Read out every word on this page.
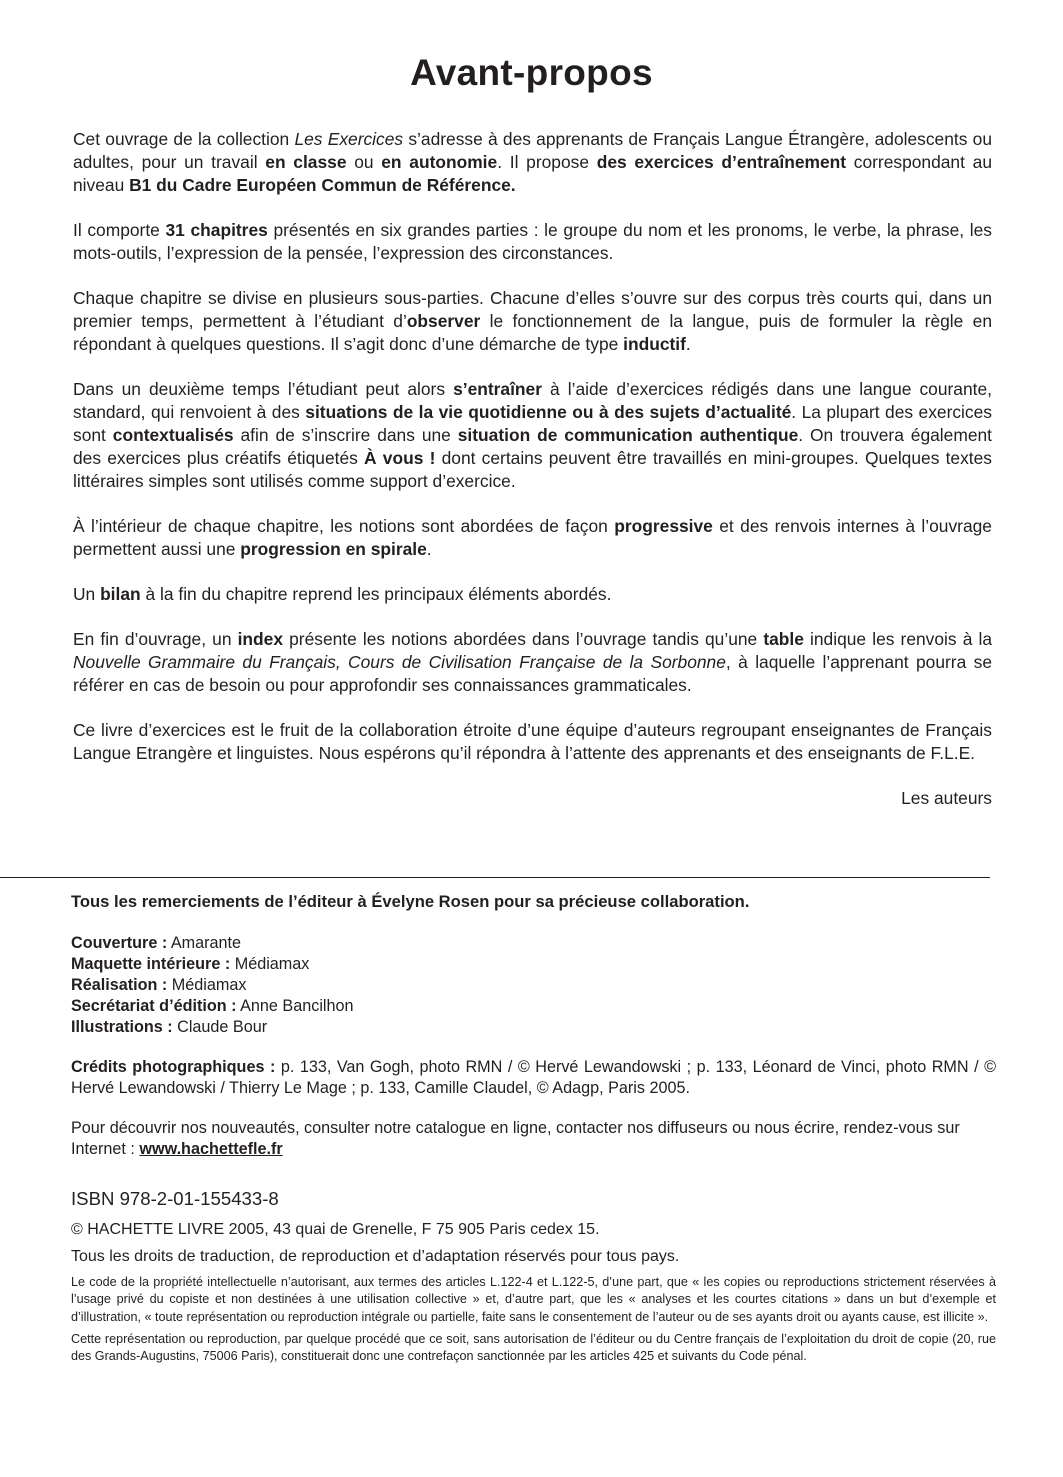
Avant-propos

Cet ouvrage de la collection Les Exercices s’adresse à des apprenants de Français Langue Étrangère, adolescents ou adultes, pour un travail en classe ou en autonomie. Il propose des exercices d’entraînement correspondant au niveau B1 du Cadre Européen Commun de Référence.

Il comporte 31 chapitres présentés en six grandes parties : le groupe du nom et les pronoms, le verbe, la phrase, les mots-outils, l’expression de la pensée, l’expression des circonstances.

Chaque chapitre se divise en plusieurs sous-parties. Chacune d’elles s’ouvre sur des corpus très courts qui, dans un premier temps, permettent à l’étudiant d’observer le fonctionnement de la langue, puis de formuler la règle en répondant à quelques questions. Il s’agit donc d’une démarche de type inductif.

Dans un deuxième temps l’étudiant peut alors s’entraîner à l’aide d’exercices rédigés dans une langue courante, standard, qui renvoient à des situations de la vie quotidienne ou à des sujets d’actualité. La plupart des exercices sont contextualisés afin de s’inscrire dans une situation de communication authentique. On trouvera également des exercices plus créatifs étiquetés À vous ! dont certains peuvent être travaillés en mini-groupes. Quelques textes littéraires simples sont utilisés comme support d’exercice.

À l’intérieur de chaque chapitre, les notions sont abordées de façon progressive et des renvois internes à l’ouvrage permettent aussi une progression en spirale.

Un bilan à la fin du chapitre reprend les principaux éléments abordés.

En fin d’ouvrage, un index présente les notions abordées dans l’ouvrage tandis qu’une table indique les renvois à la Nouvelle Grammaire du Français, Cours de Civilisation Française de la Sorbonne, à laquelle l’apprenant pourra se référer en cas de besoin ou pour approfondir ses connaissances grammaticales.

Ce livre d’exercices est le fruit de la collaboration étroite d’une équipe d’auteurs regroupant enseignantes de Français Langue Etrangère et linguistes. Nous espérons qu’il répondra à l’attente des apprenants et des enseignants de F.L.E.

Les auteurs

Tous les remerciements de l’éditeur à Évelyne Rosen pour sa précieuse collaboration.

Couverture : Amarante
Maquette intérieure : Médiamax
Réalisation : Médiamax
Secrétariat d’édition : Anne Bancilhon
Illustrations : Claude Bour

Crédits photographiques : p. 133, Van Gogh, photo RMN / © Hervé Lewandowski ; p. 133, Léonard de Vinci, photo RMN / © Hervé Lewandowski / Thierry Le Mage ; p. 133, Camille Claudel, © Adagp, Paris 2005.

Pour découvrir nos nouveautés, consulter notre catalogue en ligne, contacter nos diffuseurs ou nous écrire, rendez-vous sur Internet : www.hachettefle.fr

ISBN 978-2-01-155433-8

© HACHETTE LIVRE 2005, 43 quai de Grenelle, F 75 905 Paris cedex 15.

Tous les droits de traduction, de reproduction et d’adaptation réservés pour tous pays.

Le code de la propriété intellectuelle n’autorisant, aux termes des articles L.122-4 et L.122-5, d’une part, que « les copies ou reproductions strictement réservées à l’usage privé du copiste et non destinées à une utilisation collective » et, d’autre part, que les « analyses et les courtes citations » dans un but d’exemple et d’illustration, « toute représentation ou reproduction intégrale ou partielle, faite sans le consentement de l’auteur ou de ses ayants droit ou ayants cause, est illicite ».

Cette représentation ou reproduction, par quelque procédé que ce soit, sans autorisation de l’éditeur ou du Centre français de l’exploitation du droit de copie (20, rue des Grands-Augustins, 75006 Paris), constituerait donc une contrefaçon sanctionnée par les articles 425 et suivants du Code pénal.
